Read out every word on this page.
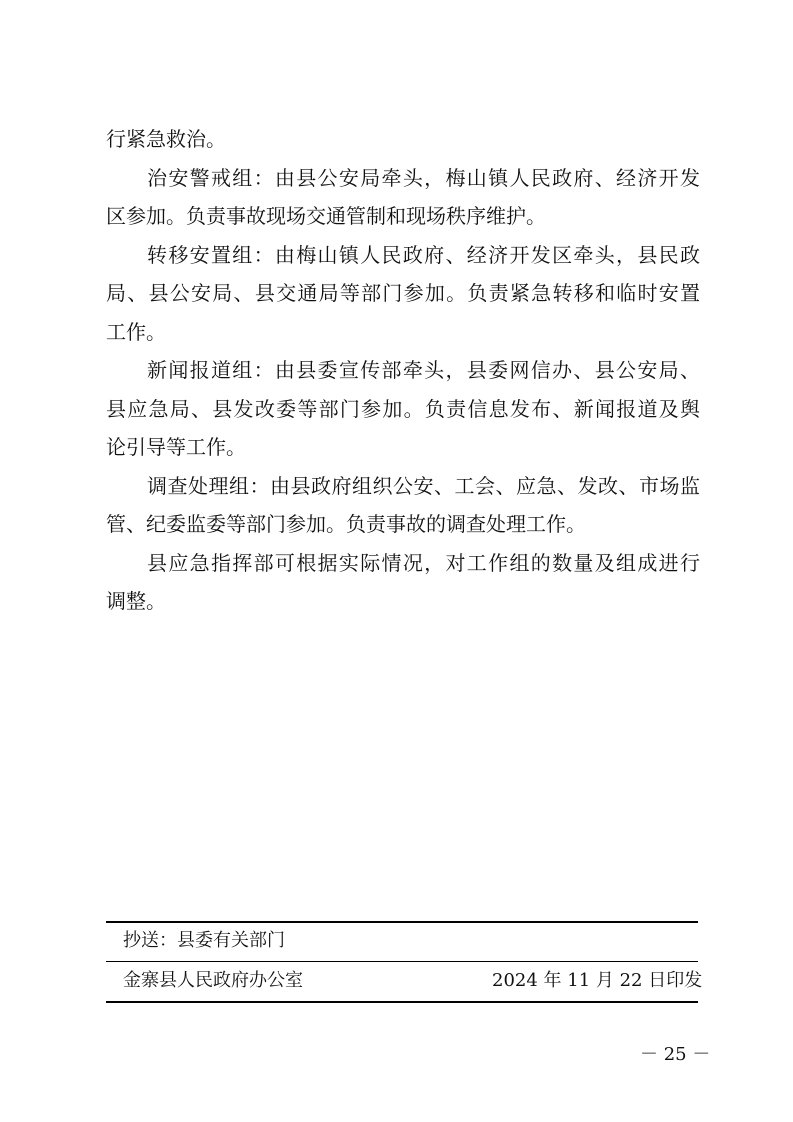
行紧急救治。
治安警戒组：由县公安局牵头，梅山镇人民政府、经济开发
区参加。负责事故现场交通管制和现场秩序维护。
转移安置组：由梅山镇人民政府、经济开发区牵头，县民政
局、县公安局、县交通局等部门参加。负责紧急转移和临时安置
工作。
新闻报道组：由县委宣传部牵头，县委网信办、县公安局、
县应急局、县发改委等部门参加。负责信息发布、新闻报道及舆
论引导等工作。
调查处理组：由县政府组织公安、工会、应急、发改、市场监
管、纪委监委等部门参加。负责事故的调查处理工作。
县应急指挥部可根据实际情况，对工作组的数量及组成进行
调整。
抄送：县委有关部门
金寨县人民政府办公室	2024 年 11 月 22 日印发
－ 25 －
